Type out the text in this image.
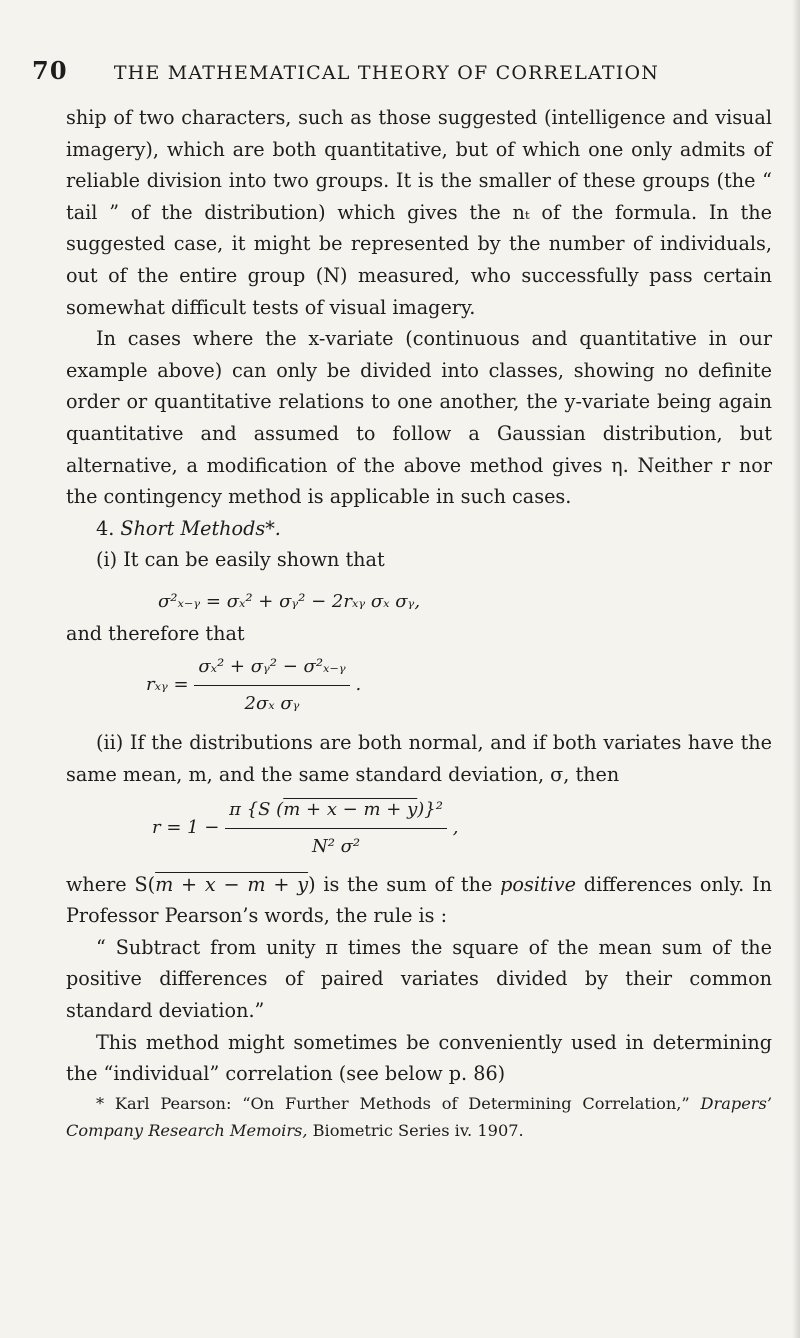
70 THE MATHEMATICAL THEORY OF CORRELATION

ship of two characters, such as those suggested (intelligence and visual imagery), which are both quantitative, but of which one only admits of reliable division into two groups. It is the smaller of these groups (the “ tail ” of the distribution) which gives the nₜ of the formula. In the suggested case, it might be represented by the number of individuals, out of the entire group (N) measured, who successfully pass certain somewhat difficult tests of visual imagery.

In cases where the x-variate (continuous and quantitative in our example above) can only be divided into classes, showing no definite order or quantitative relations to one another, the y-variate being again quantitative and assumed to follow a Gaussian distribution, but alternative, a modification of the above method gives η. Neither r nor the contingency method is applicable in such cases.

4. Short Methods*.

(i) It can be easily shown that

σ²ₓ₋ᵧ = σₓ² + σᵧ² − 2rₓᵧ σₓ σᵧ,

and therefore that

rₓᵧ = $\frac{\text{σₓ² + σᵧ² − σ²ₓ₋ᵧ}}{\text{2σₓ σᵧ}}$ .

(ii) If the distributions are both normal, and if both variates have the same mean, m, and the same standard deviation, σ, then

$r = 1 - \frac{\text{π \{S (m + x − m + y)\}²}}{\text{N² σ²}}$ ,

where S(m + x − m + y) is the sum of the positive differences only. In Professor Pearson’s words, the rule is :

“ Subtract from unity π times the square of the mean sum of the positive differences of paired variates divided by their common standard deviation.”

This method might sometimes be conveniently used in determining the “individual” correlation (see below p. 86)

* Karl Pearson: “On Further Methods of Determining Correlation,” Drapers’ Company Research Memoirs, Biometric Series iv. 1907.
